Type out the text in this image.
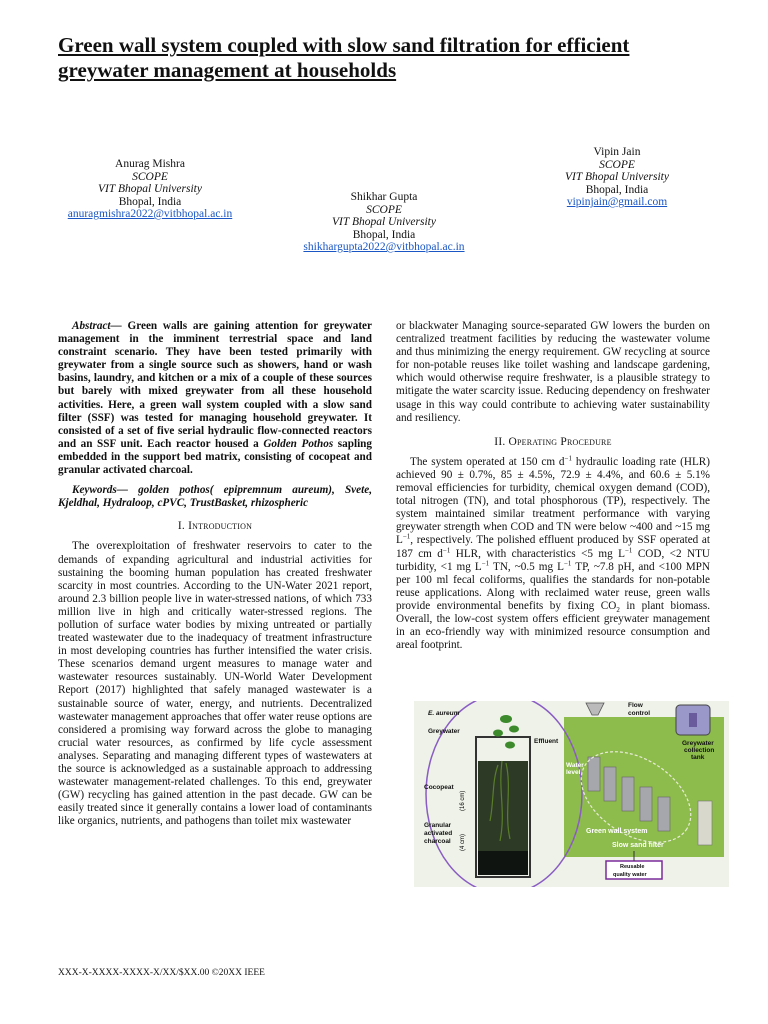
Green wall system coupled with slow sand filtration for efficient greywater management at households
Anurag Mishra
SCOPE
VIT Bhopal University
Bhopal, India
anuragmishra2022@vitbhopal.ac.in
Shikhar Gupta
SCOPE
VIT Bhopal University
Bhopal, India
shikhargupta2022@vitbhopal.ac.in
Vipin Jain
SCOPE
VIT Bhopal University
Bhopal, India
vipinjain@gmail.com

Abstract— Green walls are gaining attention for greywater management in the imminent terrestrial space and land constraint scenario. They have been tested primarily with greywater from a single source such as showers, hand or wash basins, laundry, and kitchen or a mix of a couple of these sources but barely with mixed greywater from all these household activities. Here, a green wall system coupled with a slow sand filter (SSF) was tested for managing household greywater. It consisted of a set of five serial hydraulic flow-connected reactors and an SSF unit. Each reactor housed a Golden Pothos sapling embedded in the support bed matrix, consisting of cocopeat and granular activated charcoal.

Keywords— golden pothos( epipremnum aureum), Svete, Kjeldhal, Hydraloop, cPVC, TrustBasket, rhizospheric

I. Introduction

The overexploitation of freshwater reservoirs to cater to the demands of expanding agricultural and industrial activities for sustaining the booming human population has created freshwater scarcity in most countries. According to the UN-Water 2021 report, around 2.3 billion people live in water-stressed nations, of which 733 million live in high and critically water-stressed regions. The pollution of surface water bodies by mixing untreated or partially treated wastewater due to the inadequacy of treatment infrastructure in most developing countries has further intensified the water crisis. These scenarios demand urgent measures to manage water and wastewater resources sustainably. UN-World Water Development Report (2017) highlighted that safely managed wastewater is a sustainable source of water, energy, and nutrients. Decentralized wastewater management approaches that offer water reuse options are considered a promising way forward across the globe to managing crucial water resources, as confirmed by life cycle assessment analyses. Separating and managing different types of wastewaters at the source is acknowledged as a sustainable approach to addressing wastewater management-related challenges. To this end, greywater (GW) recycling has gained attention in the past decade. GW can be easily treated since it generally contains a lower load of contaminants like organics, nutrients, and pathogens than toilet mix wastewater

or blackwater Managing source-separated GW lowers the burden on centralized treatment facilities by reducing the wastewater volume and thus minimizing the energy requirement. GW recycling at source for non-potable reuses like toilet washing and landscape gardening, which would otherwise require freshwater, is a plausible strategy to mitigate the water scarcity issue. Reducing dependency on freshwater usage in this way could contribute to achieving water sustainability and resiliency.

II. Operating Procedure

The system operated at 150 cm $d^{-1}$ hydraulic loading rate (HLR) achieved 90 ± 0.7%, 85 ± 4.5%, 72.9 ± 4.4%, and 60.6 ± 5.1% removal efficiencies for turbidity, chemical oxygen demand (COD), total nitrogen (TN), and total phosphorous (TP), respectively. The system maintained similar treatment performance with varying greywater strength when COD and TN were below ~400 and ~15 mg $L^{-1}$, respectively. The polished effluent produced by SSF operated at 187 cm $d^{-1}$ HLR, with characteristics <5 mg $L^{-1}$ COD, <2 NTU turbidity, <1 mg $L^{-1}$ TN, ~0.5 mg $L^{-1}$ TP, ~7.8 pH, and <100 MPN per 100 ml fecal coliforms, qualifies the standards for non-potable reuse applications. Along with reclaimed water reuse, green walls provide environmental benefits by fixing $CO_2$ in plant biomass. Overall, the low-cost system offers efficient greywater management in an eco-friendly way with minimized resource consumption and areal footprint.

E. aureum
Greywater
Effluent
Flow
control
Greywater
collection
tank
Water
level
Cocopeat
Granular
activated
charcoal
Green wall system
Slow sand filter
Reusable
quality water
(16 cm)
(4 cm)
XXX-X-XXXX-XXXX-X/XX/$XX.00 ©20XX IEEE
